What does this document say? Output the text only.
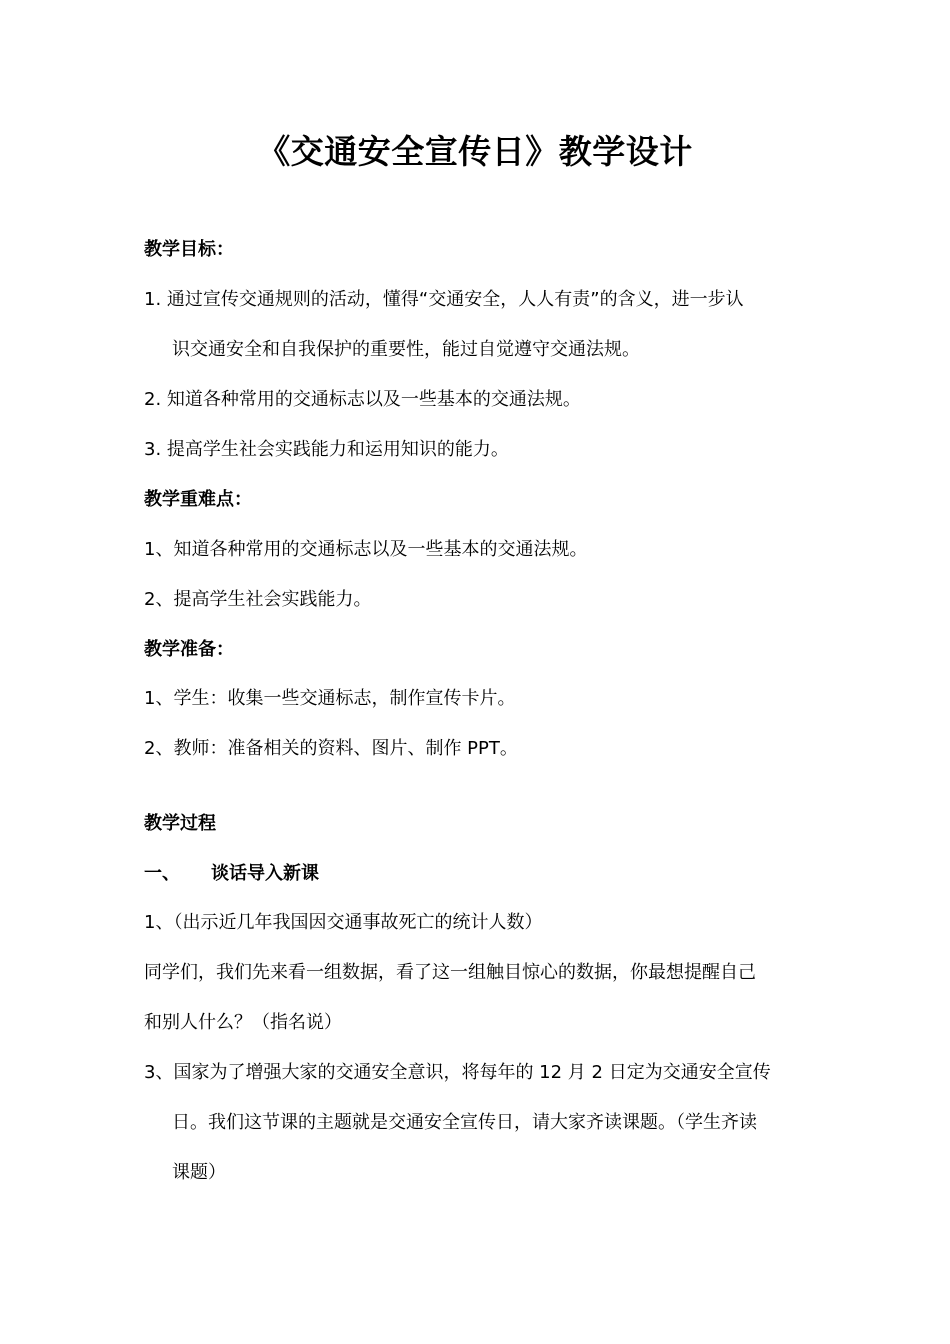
《交通安全宣传日》教学设计
教学目标：
1. 通过宣传交通规则的活动，懂得“交通安全，人人有责”的含义，进一步认
识交通安全和自我保护的重要性，能过自觉遵守交通法规。
2. 知道各种常用的交通标志以及一些基本的交通法规。
3. 提高学生社会实践能力和运用知识的能力。
教学重难点：
1、知道各种常用的交通标志以及一些基本的交通法规。
2、提高学生社会实践能力。
教学准备：
1、学生：收集一些交通标志，制作宣传卡片。
2、教师：准备相关的资料、图片、制作 PPT。
教学过程
一、 谈话导入新课
1、（出示近几年我国因交通事故死亡的统计人数）
同学们，我们先来看一组数据，看了这一组触目惊心的数据，你最想提醒自己
和别人什么？（指名说）
3、国家为了增强大家的交通安全意识，将每年的 12 月 2 日定为交通安全宣传
日。我们这节课的主题就是交通安全宣传日，请大家齐读课题。（学生齐读
课题）
